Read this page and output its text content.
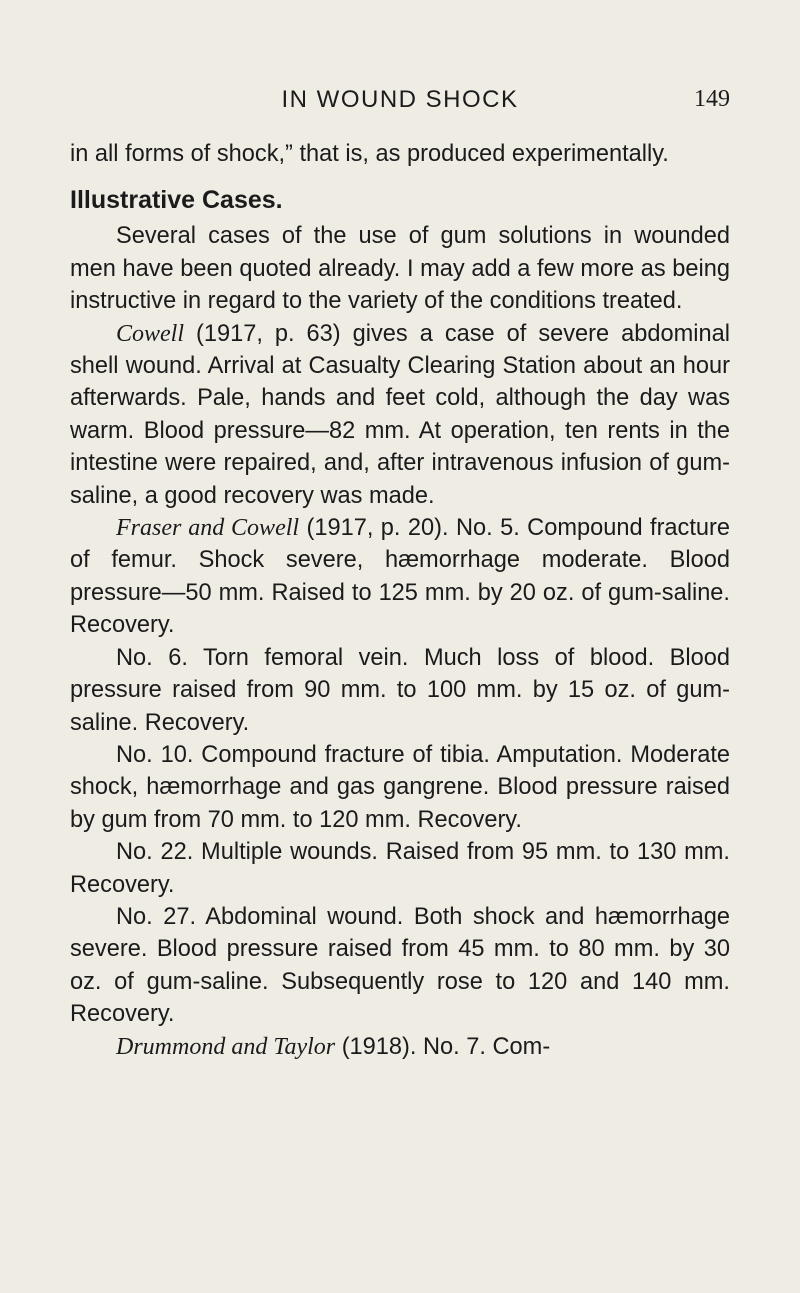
IN WOUND SHOCK	149

in all forms of shock,” that is, as produced experimentally.

Illustrative Cases.

Several cases of the use of gum solutions in wounded men have been quoted already. I may add a few more as being instructive in regard to the variety of the conditions treated.

Cowell (1917, p. 63) gives a case of severe abdominal shell wound. Arrival at Casualty Clearing Station about an hour afterwards. Pale, hands and feet cold, although the day was warm. Blood pressure—82 mm. At operation, ten rents in the intestine were repaired, and, after intravenous infusion of gum-saline, a good recovery was made.

Fraser and Cowell (1917, p. 20). No. 5. Compound fracture of femur. Shock severe, hæmorrhage moderate. Blood pressure—50 mm. Raised to 125 mm. by 20 oz. of gum-saline. Recovery.

No. 6. Torn femoral vein. Much loss of blood. Blood pressure raised from 90 mm. to 100 mm. by 15 oz. of gum-saline. Recovery.

No. 10. Compound fracture of tibia. Amputation. Moderate shock, hæmorrhage and gas gangrene. Blood pressure raised by gum from 70 mm. to 120 mm. Recovery.

No. 22. Multiple wounds. Raised from 95 mm. to 130 mm. Recovery.

No. 27. Abdominal wound. Both shock and hæmorrhage severe. Blood pressure raised from 45 mm. to 80 mm. by 30 oz. of gum-saline. Subsequently rose to 120 and 140 mm. Recovery.

Drummond and Taylor (1918). No. 7. Com-
